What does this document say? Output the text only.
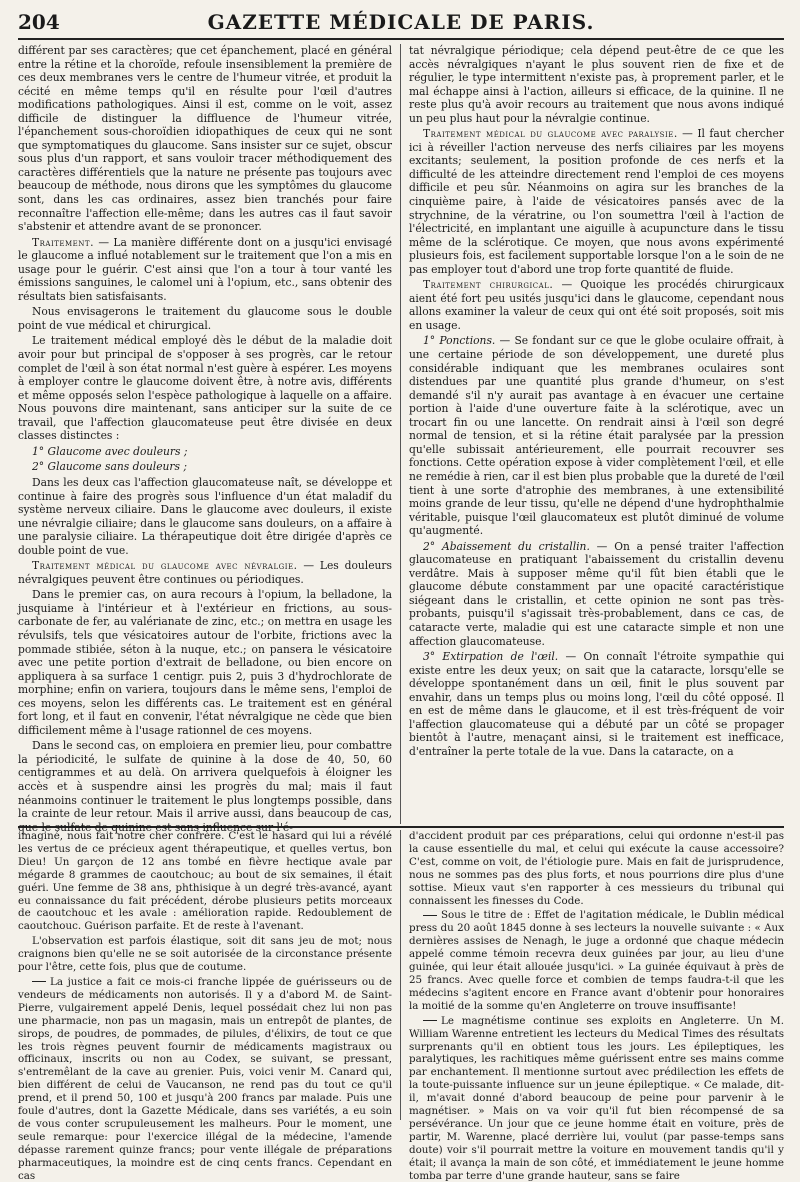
204	GAZETTE MÉDICALE DE PARIS.

différent par ses caractères; que cet épanchement, placé en général entre la rétine et la choroïde, refoule insensiblement la première de ces deux membranes vers le centre de l'humeur vitrée, et produit la cécité en même temps qu'il en résulte pour l'œil d'autres modifications pathologiques. Ainsi il est, comme on le voit, assez difficile de distinguer la diffluence de l'humeur vitrée, l'épanchement sous-choroïdien idiopathiques de ceux qui ne sont que symptomatiques du glaucome. Sans insister sur ce sujet, obscur sous plus d'un rapport, et sans vouloir tracer méthodiquement des caractères différentiels que la nature ne présente pas toujours avec beaucoup de méthode, nous dirons que les symptômes du glaucome sont, dans les cas ordinaires, assez bien tranchés pour faire reconnaître l'affection elle-même; dans les autres cas il faut savoir s'abstenir et attendre avant de se prononcer.

Traitement. — La manière différente dont on a jusqu'ici envisagé le glaucome a influé notablement sur le traitement que l'on a mis en usage pour le guérir. C'est ainsi que l'on a tour à tour vanté les émissions sanguines, le calomel uni à l'opium, etc., sans obtenir des résultats bien satisfaisants.

Nous envisagerons le traitement du glaucome sous le double point de vue médical et chirurgical.

Le traitement médical employé dès le début de la maladie doit avoir pour but principal de s'opposer à ses progrès, car le retour complet de l'œil à son état normal n'est guère à espérer. Les moyens à employer contre le glaucome doivent être, à notre avis, différents et même opposés selon l'espèce pathologique à laquelle on a affaire. Nous pouvons dire maintenant, sans anticiper sur la suite de ce travail, que l'affection glaucomateuse peut être divisée en deux classes distinctes :

1° Glaucome avec douleurs ;

2° Glaucome sans douleurs ;

Dans les deux cas l'affection glaucomateuse naît, se développe et continue à faire des progrès sous l'influence d'un état maladif du système nerveux ciliaire. Dans le glaucome avec douleurs, il existe une névralgie ciliaire; dans le glaucome sans douleurs, on a affaire à une paralysie ciliaire. La thérapeutique doit être dirigée d'après ce double point de vue.

Traitement médical du glaucome avec névralgie. — Les douleurs névralgiques peuvent être continues ou périodiques.

Dans le premier cas, on aura recours à l'opium, la belladone, la jusquiame à l'intérieur et à l'extérieur en frictions, au sous-carbonate de fer, au valérianate de zinc, etc.; on mettra en usage les révulsifs, tels que vésicatoires autour de l'orbite, frictions avec la pommade stibiée, séton à la nuque, etc.; on pansera le vésicatoire avec une petite portion d'extrait de belladone, ou bien encore on appliquera à sa surface 1 centigr. puis 2, puis 3 d'hydrochlorate de morphine; enfin on variera, toujours dans le même sens, l'emploi de ces moyens, selon les différents cas. Le traitement est en général fort long, et il faut en convenir, l'état névralgique ne cède que bien difficilement même à l'usage rationnel de ces moyens.

Dans le second cas, on emploiera en premier lieu, pour combattre la périodicité, le sulfate de quinine à la dose de 40, 50, 60 centigrammes et au delà. On arrivera quelquefois à éloigner les accès et à suspendre ainsi les progrès du mal; mais il faut néanmoins continuer le traitement le plus longtemps possible, dans la crainte de leur retour. Mais il arrive aussi, dans beaucoup de cas, que le sulfate de quinine est sans influence sur l'é-

tat névralgique périodique; cela dépend peut-être de ce que les accès névralgiques n'ayant le plus souvent rien de fixe et de régulier, le type intermittent n'existe pas, à proprement parler, et le mal échappe ainsi à l'action, ailleurs si efficace, de la quinine. Il ne reste plus qu'à avoir recours au traitement que nous avons indiqué un peu plus haut pour la névralgie continue.

Traitement médical du glaucome avec paralysie. — Il faut chercher ici à réveiller l'action nerveuse des nerfs ciliaires par les moyens excitants; seulement, la position profonde de ces nerfs et la difficulté de les atteindre directement rend l'emploi de ces moyens difficile et peu sûr. Néanmoins on agira sur les branches de la cinquième paire, à l'aide de vésicatoires pansés avec de la strychnine, de la vératrine, ou l'on soumettra l'œil à l'action de l'électricité, en implantant une aiguille à acupuncture dans le tissu même de la sclérotique. Ce moyen, que nous avons expérimenté plusieurs fois, est facilement supportable lorsque l'on a le soin de ne pas employer tout d'abord une trop forte quantité de fluide.

Traitement chirurgical. — Quoique les procédés chirurgicaux aient été fort peu usités jusqu'ici dans le glaucome, cependant nous allons examiner la valeur de ceux qui ont été soit proposés, soit mis en usage.

1° Ponctions. — Se fondant sur ce que le globe oculaire offrait, à une certaine période de son développement, une dureté plus considérable indiquant que les membranes oculaires sont distendues par une quantité plus grande d'humeur, on s'est demandé s'il n'y aurait pas avantage à en évacuer une certaine portion à l'aide d'une ouverture faite à la sclérotique, avec un trocart fin ou une lancette. On rendrait ainsi à l'œil son degré normal de tension, et si la rétine était paralysée par la pression qu'elle subissait antérieurement, elle pourrait recouvrer ses fonctions. Cette opération expose à vider complètement l'œil, et elle ne remédie à rien, car il est bien plus probable que la dureté de l'œil tient à une sorte d'atrophie des membranes, à une extensibilité moins grande de leur tissu, qu'elle ne dépend d'une hydrophthalmie véritable, puisque l'œil glaucomateux est plutôt diminué de volume qu'augmenté.

2° Abaissement du cristallin. — On a pensé traiter l'affection glaucomateuse en pratiquant l'abaissement du cristallin devenu verdâtre. Mais à supposer même qu'il fût bien établi que le glaucome débute constamment par une opacité caractéristique siégeant dans le cristallin, et cette opinion ne sont pas très-probants, puisqu'il s'agissait très-probablement, dans ce cas, de cataracte verte, maladie qui est une cataracte simple et non une affection glaucomateuse.

3° Extirpation de l'œil. — On connaît l'étroite sympathie qui existe entre les deux yeux; on sait que la cataracte, lorsqu'elle se développe spontanément dans un œil, finit le plus souvent par envahir, dans un temps plus ou moins long, l'œil du côté opposé. Il en est de même dans le glaucome, et il est très-fréquent de voir l'affection glaucomateuse qui a débuté par un côté se propager bientôt à l'autre, menaçant ainsi, si le traitement est inefficace, d'entraîner la perte totale de la vue. Dans la cataracte, on a

imaginé, nous fait notre cher confrère. C'est le hasard qui lui a révélé les vertus de ce précieux agent thérapeutique, et quelles vertus, bon Dieu! Un garçon de 12 ans tombé en fièvre hectique avale par mégarde 8 grammes de caoutchouc; au bout de six semaines, il était guéri. Une femme de 38 ans, phthisique à un degré très-avancé, ayant eu connaissance du fait précédent, dérobe plusieurs petits morceaux de caoutchouc et les avale : amélioration rapide. Redoublement de caoutchouc. Guérison parfaite. Et de reste à l'avenant.

L'observation est parfois élastique, soit dit sans jeu de mot; nous craignons bien qu'elle ne se soit autorisée de la circonstance présente pour l'être, cette fois, plus que de coutume.

La justice a fait ce mois-ci franche lippée de guérisseurs ou de vendeurs de médicaments non autorisés. Il y a d'abord M. de Saint-Pierre, vulgairement appelé Denis, lequel possédait chez lui non pas une pharmacie, non pas un magasin, mais un entrepôt de plantes, de sirops, de poudres, de pommades, de pilules, d'élixirs, de tout ce que les trois règnes peuvent fournir de médicaments magistraux ou officinaux, inscrits ou non au Codex, se suivant, se pressant, s'entremêlant de la cave au grenier. Puis, voici venir M. Canard qui, bien différent de celui de Vaucanson, ne rend pas du tout ce qu'il prend, et il prend 50, 100 et jusqu'à 200 francs par malade. Puis une foule d'autres, dont la Gazette Médicale, dans ses variétés, a eu soin de vous conter scrupuleusement les malheurs. Pour le moment, une seule remarque: pour l'exercice illégal de la médecine, l'amende dépasse rarement quinze francs; pour vente illégale de préparations pharmaceutiques, la moindre est de cinq cents francs. Cependant en cas

d'accident produit par ces préparations, celui qui ordonne n'est-il pas la cause essentielle du mal, et celui qui exécute la cause accessoire? C'est, comme on voit, de l'étiologie pure. Mais en fait de jurisprudence, nous ne sommes pas des plus forts, et nous pourrions dire plus d'une sottise. Mieux vaut s'en rapporter à ces messieurs du tribunal qui connaissent les finesses du Code.

Sous le titre de : Effet de l'agitation médicale, le Dublin médical press du 20 août 1845 donne à ses lecteurs la nouvelle suivante : « Aux dernières assises de Nenagh, le juge a ordonné que chaque médecin appelé comme témoin recevra deux guinées par jour, au lieu d'une guinée, qui leur était allouée jusqu'ici. » La guinée équivaut à près de 25 francs. Avec quelle force et combien de temps faudra-t-il que les médecins s'agitent encore en France avant d'obtenir pour honoraires la moitié de la somme qu'en Angleterre on trouve insuffisante!

Le magnétisme continue ses exploits en Angleterre. Un M. William Warenne entretient les lecteurs du Medical Times des résultats surprenants qu'il en obtient tous les jours. Les épileptiques, les paralytiques, les rachitiques même guérissent entre ses mains comme par enchantement. Il mentionne surtout avec prédilection les effets de la toute-puissante influence sur un jeune épileptique. « Ce malade, dit-il, m'avait donné d'abord beaucoup de peine pour parvenir à le magnétiser. » Mais on va voir qu'il fut bien récompensé de sa persévérance. Un jour que ce jeune homme était en voiture, près de partir, M. Warenne, placé derrière lui, voulut (par passe-temps sans doute) voir s'il pourrait mettre la voiture en mouvement tandis qu'il y était; il avança la main de son côté, et immédiatement le jeune homme tomba par terre d'une grande hauteur, sans se faire
